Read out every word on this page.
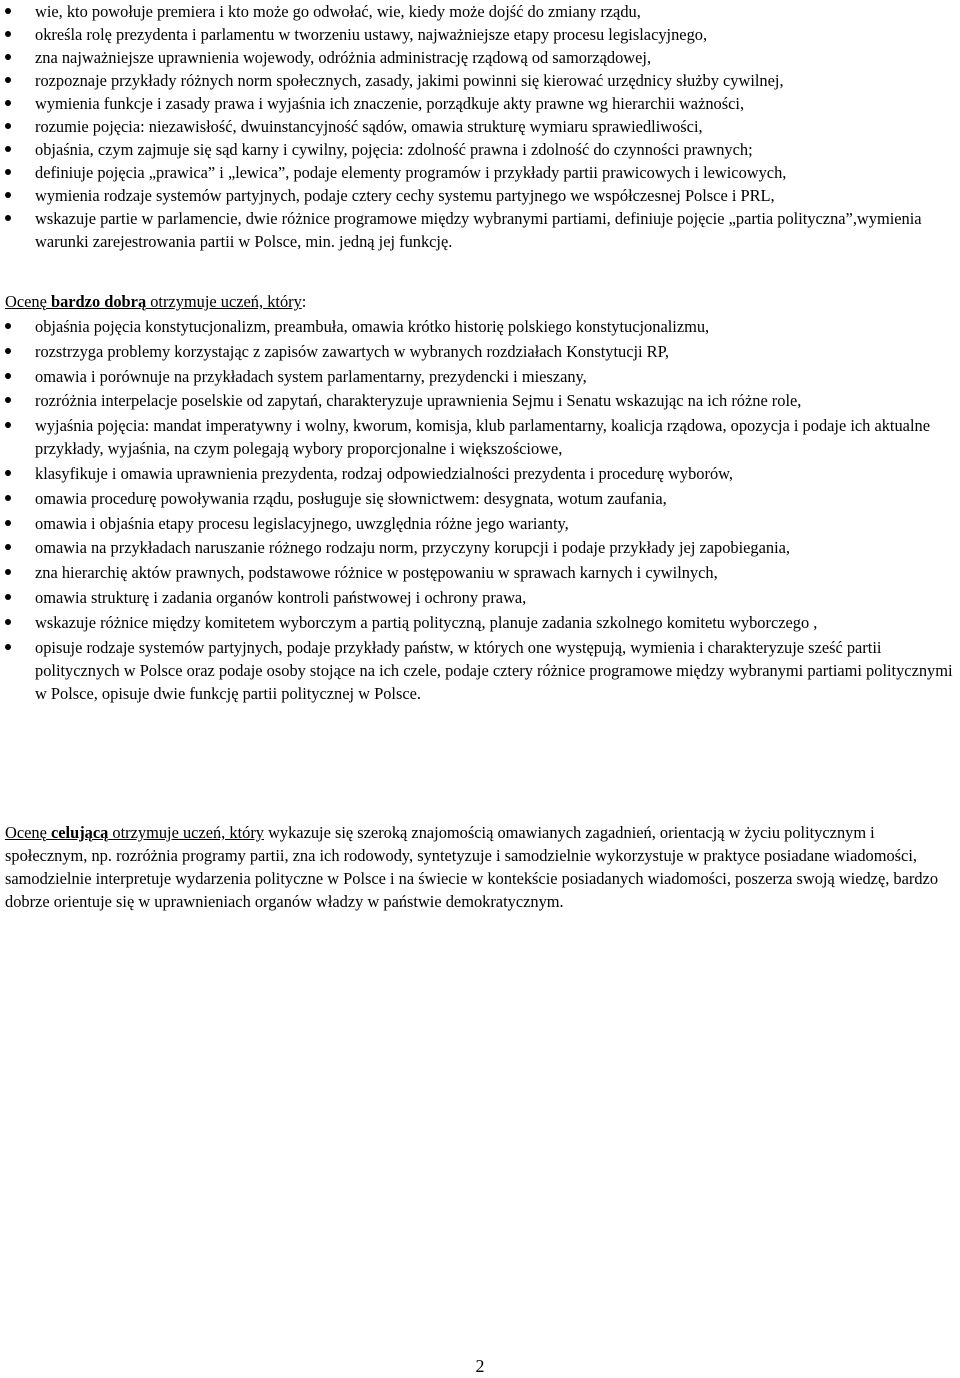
wie, kto powołuje premiera i kto może go odwołać, wie, kiedy może dojść do zmiany rządu,
określa rolę prezydenta i parlamentu w tworzeniu ustawy, najważniejsze etapy procesu legislacyjnego,
zna najważniejsze uprawnienia wojewody, odróżnia administrację rządową od samorządowej,
rozpoznaje przykłady różnych norm społecznych, zasady, jakimi powinni się kierować urzędnicy służby cywilnej,
wymienia funkcje i zasady prawa i wyjaśnia ich znaczenie, porządkuje akty prawne wg hierarchii ważności,
rozumie pojęcia: niezawisłość, dwuinstancyjność sądów, omawia strukturę wymiaru sprawiedliwości,
objaśnia, czym zajmuje się sąd karny i cywilny, pojęcia: zdolność prawna i zdolność do czynności prawnych;
definiuje pojęcia „prawica” i „lewica”, podaje elementy programów i przykłady partii prawicowych i lewicowych,
wymienia rodzaje systemów partyjnych, podaje cztery cechy systemu partyjnego we współczesnej Polsce i PRL,
wskazuje partie w parlamencie, dwie różnice programowe między wybranymi partiami, definiuje pojęcie „partia polityczna”,wymienia warunki zarejestrowania partii w Polsce, min. jedną jej funkcję.
Ocenę bardzo dobrą otrzymuje uczeń, który:
objaśnia pojęcia konstytucjonalizm, preambuła, omawia krótko historię polskiego konstytucjonalizmu,
rozstrzyga problemy korzystając z zapisów zawartych w wybranych rozdziałach Konstytucji RP,
omawia i porównuje na przykładach system parlamentarny, prezydencki i mieszany,
rozróżnia interpelacje poselskie od zapytań, charakteryzuje uprawnienia Sejmu i Senatu wskazując na ich różne role,
wyjaśnia pojęcia: mandat imperatywny i wolny, kworum, komisja, klub parlamentarny, koalicja rządowa, opozycja i podaje ich aktualne przykłady, wyjaśnia, na czym polegają wybory proporcjonalne i większościowe,
klasyfikuje i omawia uprawnienia prezydenta, rodzaj odpowiedzialności prezydenta i procedurę wyborów,
omawia procedurę powoływania rządu, posługuje się słownictwem: desygnata, wotum zaufania,
omawia i objaśnia etapy procesu legislacyjnego, uwzględnia różne jego warianty,
omawia na przykładach naruszanie różnego rodzaju norm, przyczyny korupcji i podaje przykłady jej zapobiegania,
zna hierarchię aktów prawnych, podstawowe różnice w postępowaniu w sprawach karnych i cywilnych,
omawia strukturę i zadania organów kontroli państwowej i ochrony prawa,
wskazuje różnice między komitetem wyborczym a partią polityczną, planuje zadania szkolnego komitetu wyborczego ,
opisuje rodzaje systemów partyjnych, podaje przykłady państw, w których one występują, wymienia i charakteryzuje sześć partii politycznych w Polsce oraz podaje osoby stojące na ich czele, podaje cztery różnice programowe między wybranymi partiami politycznymi w Polsce, opisuje dwie funkcję partii politycznej w Polsce.
Ocenę celującą otrzymuje uczeń, który wykazuje się szeroką znajomością omawianych zagadnień, orientacją w życiu politycznym i społecznym, np. rozróżnia programy partii, zna ich rodowody, syntetyzuje i samodzielnie wykorzystuje w praktyce posiadane wiadomości, samodzielnie interpretuje wydarzenia polityczne w Polsce i na świecie w kontekście posiadanych wiadomości, poszerza swoją wiedzę, bardzo dobrze orientuje się w uprawnieniach organów władzy w państwie demokratycznym.
2
